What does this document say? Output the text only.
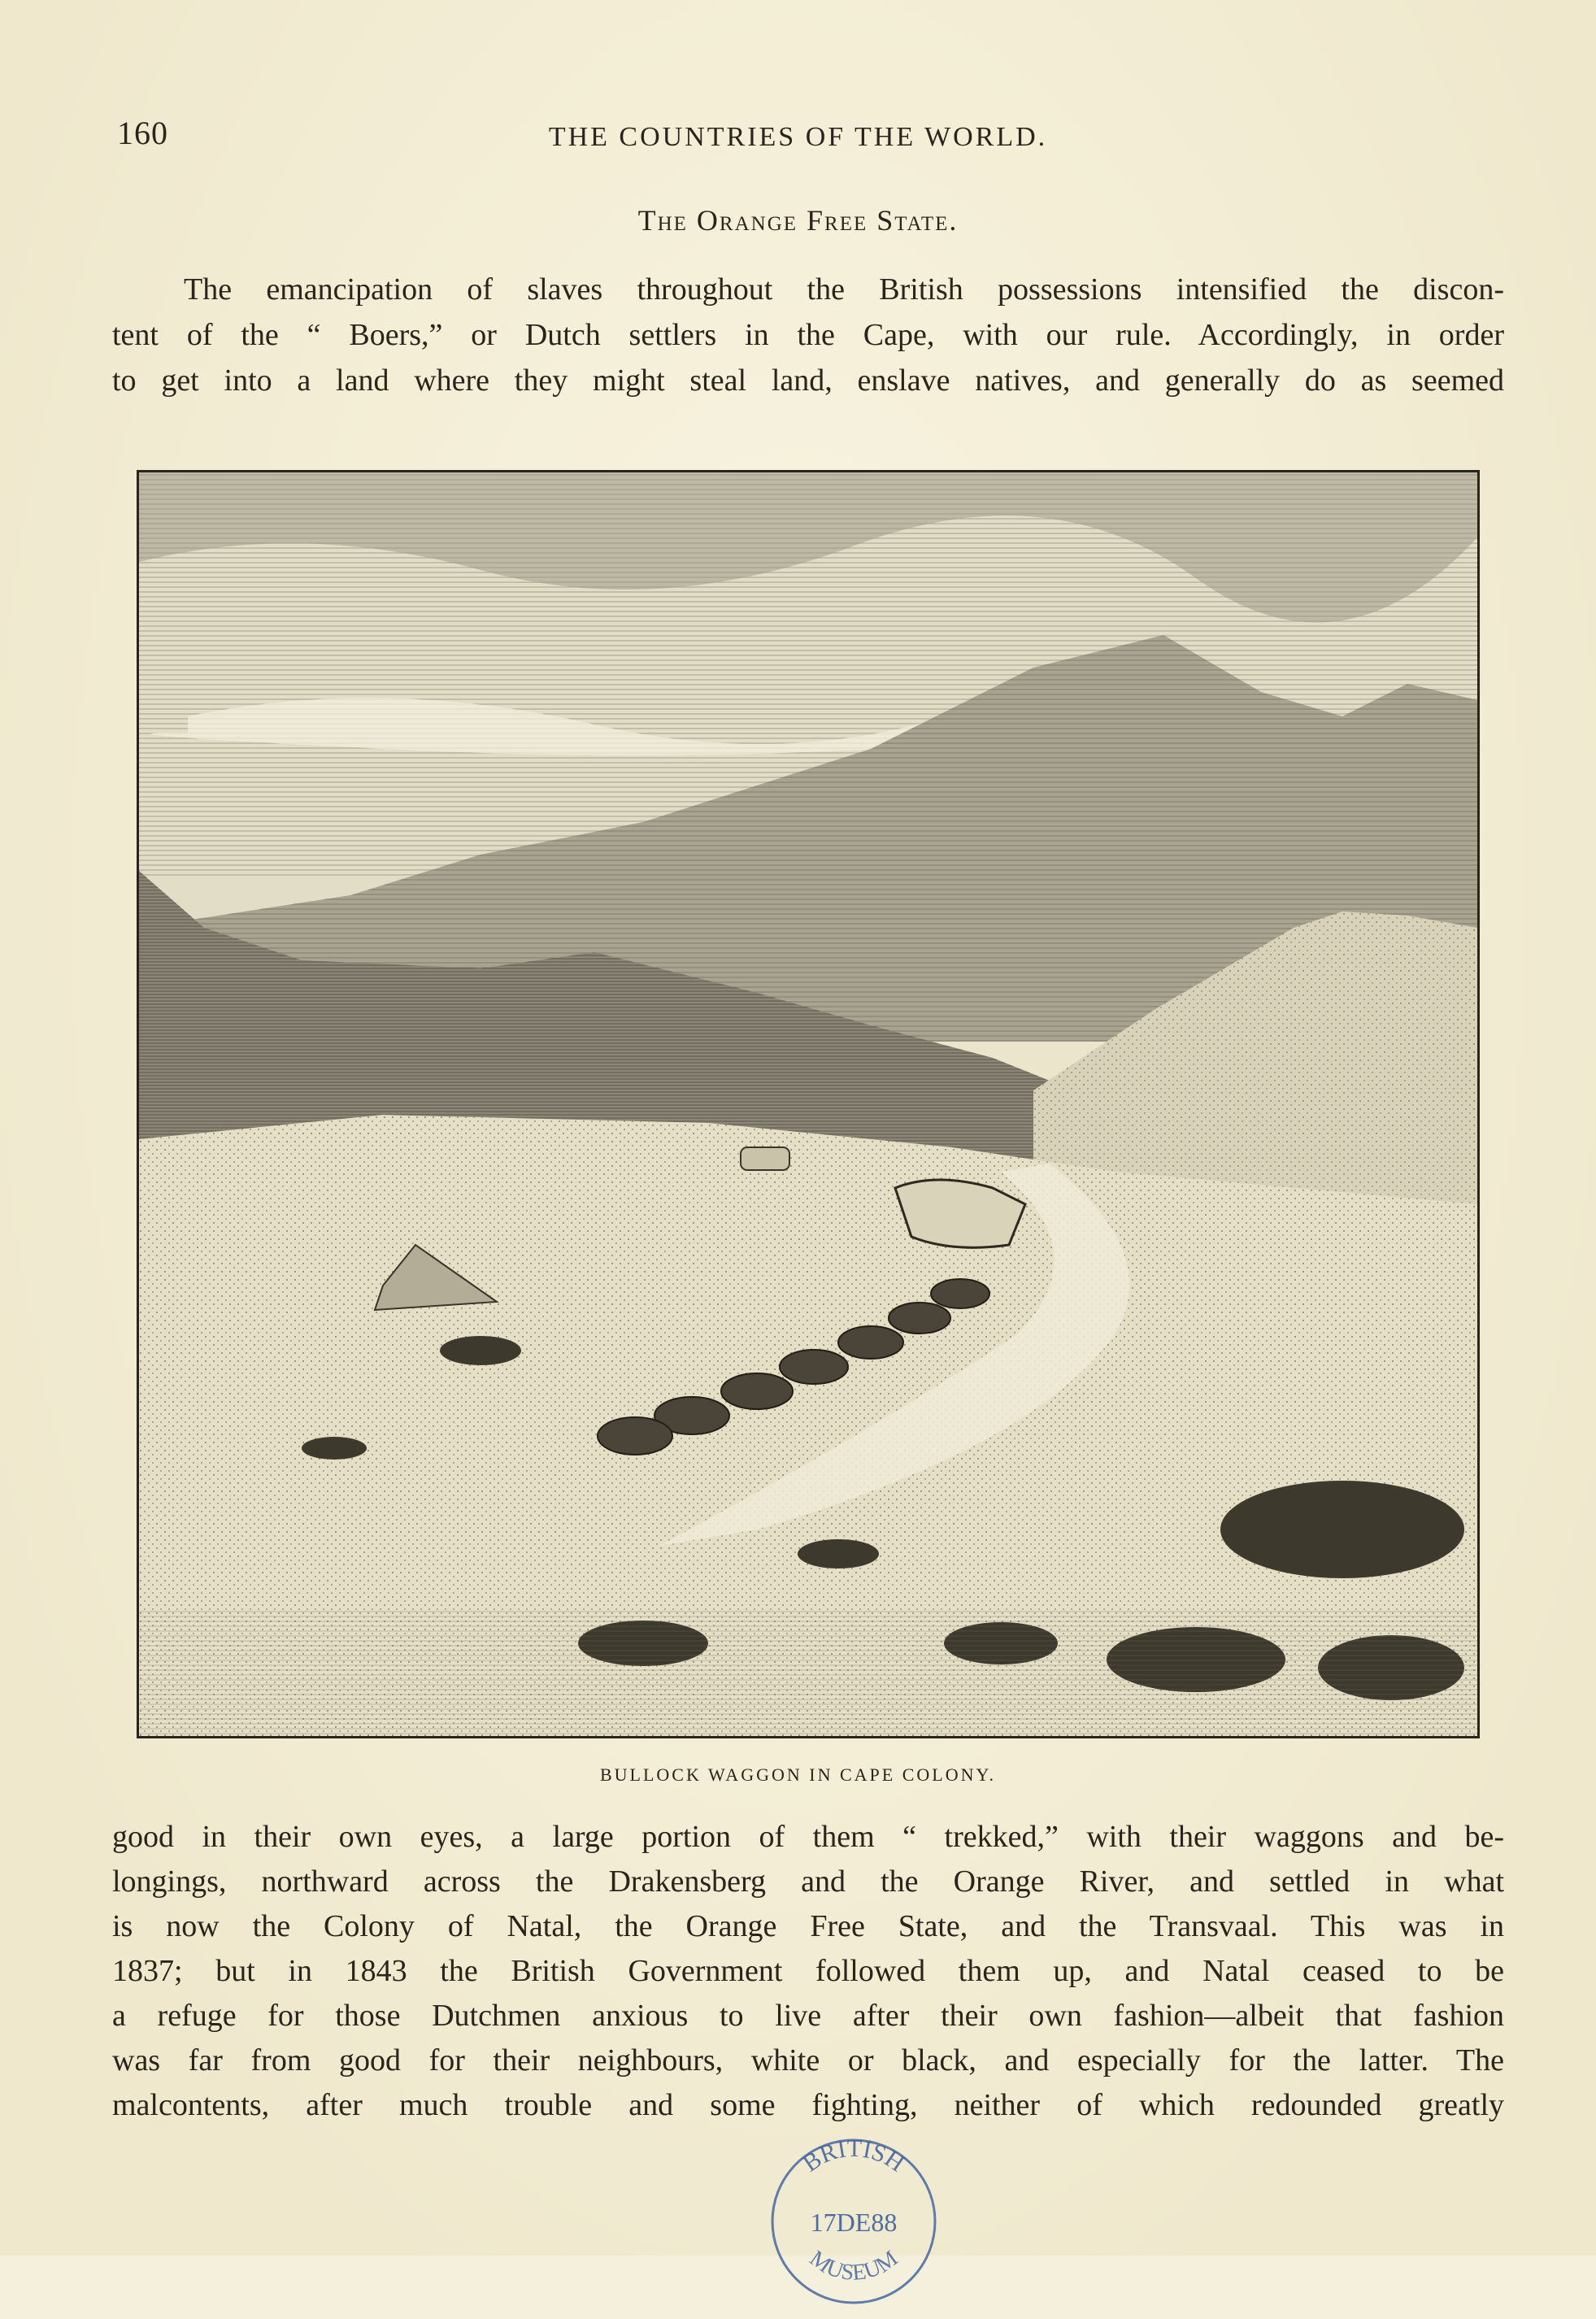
160	THE COUNTRIES OF THE WORLD.
The Orange Free State.
The emancipation of slaves throughout the British possessions intensified the discon-
tent of the “ Boers,” or Dutch settlers in the Cape, with our rule. Accordingly, in order
to get into a land where they might steal land, enslave natives, and generally do as seemed
BULLOCK WAGGON IN CAPE COLONY.
good in their own eyes, a large portion of them “ trekked,” with their waggons and be-
longings, northward across the Drakensberg and the Orange River, and settled in what
is now the Colony of Natal, the Orange Free State, and the Transvaal. This was in
1837; but in 1843 the British Government followed them up, and Natal ceased to be
a refuge for those Dutchmen anxious to live after their own fashion—albeit that fashion
was far from good for their neighbours, white or black, and especially for the latter. The
malcontents, after much trouble and some fighting, neither of which redounded greatly
BRITISH
17DE88
MUSEUM
